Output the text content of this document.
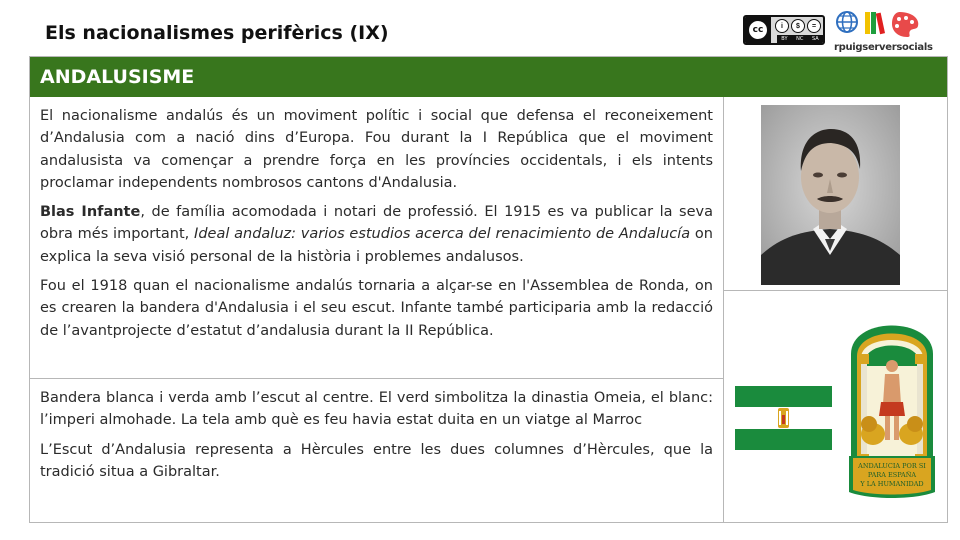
Els nacionalismes perifèrics (IX)	cc	i	$	=
BY NC SA
rpuigserversocials
ANDALUSISME

El nacionalisme andalús és un moviment polític i social que defensa el reconeixement d’Andalusia com a nació dins d’Europa. Fou durant la I República que el moviment andalusista va començar a prendre força en les províncies occidentals, i els intents proclamar independents nombrosos cantons d'Andalusia.

Blas Infante, de família acomodada i notari de professió. El 1915 es va publicar la seva obra més important, Ideal andaluz: varios estudios acerca del renacimiento de Andalucía on explica la seva visió personal de la història i problemes andalusos.

Fou el 1918 quan el nacionalisme andalús tornaria a alçar-se en l'Assemblea de Ronda, on es crearen la bandera d'Andalusia i el seu escut. Infante també participaria amb la redacció de l’avantprojecte d’estatut d’andalusia durant la II República.

Bandera blanca i verda amb l’escut al centre. El verd simbolitza la dinastia Omeia, el blanc: l’imperi almohade. La tela amb què es feu havia estat duita en un viatge al Marroc

L’Escut d’Andalusia representa a Hèrcules entre les dues columnes d’Hèrcules, que la tradició situa a Gibraltar.	ANDALUCIA POR SI
PARA ESPAÑA
Y LA HUMANIDAD
